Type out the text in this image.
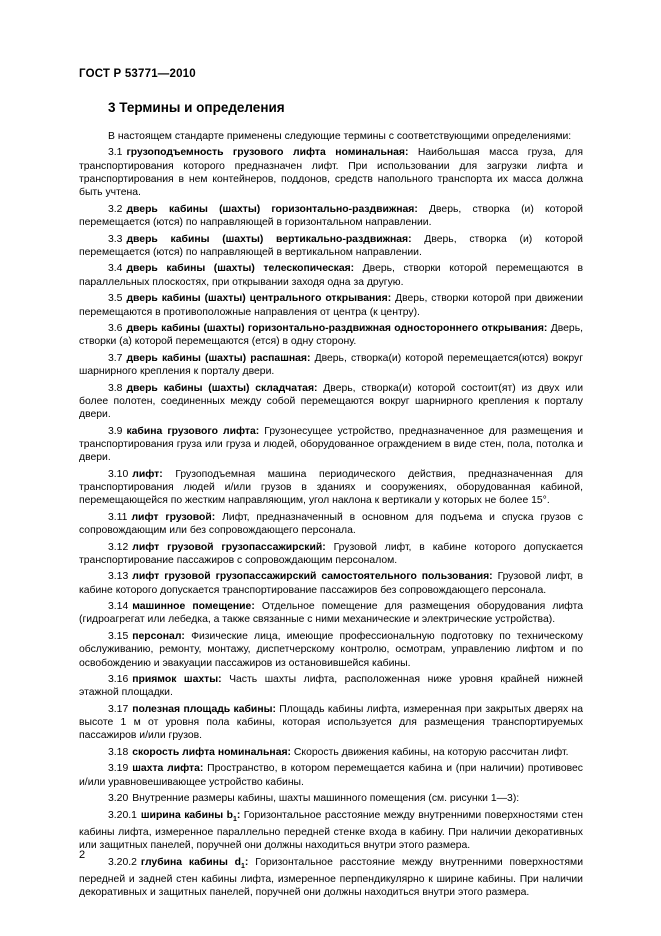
ГОСТ Р 53771—2010
3 Термины и определения

В настоящем стандарте применены следующие термины с соответствующими определениями:

3.1 грузоподъемность грузового лифта номинальная: Наибольшая масса груза, для транспортирования которого предназначен лифт. При использовании для загрузки лифта и транспортирования в нем контейнеров, поддонов, средств напольного транспорта их масса должна быть учтена.

3.2 дверь кабины (шахты) горизонтально-раздвижная: Дверь, створка (и) которой перемещается (ются) по направляющей в горизонтальном направлении.

3.3 дверь кабины (шахты) вертикально-раздвижная: Дверь, створка (и) которой перемещается (ются) по направляющей в вертикальном направлении.

3.4 дверь кабины (шахты) телескопическая: Дверь, створки которой перемещаются в параллельных плоскостях, при открывании заходя одна за другую.

3.5 дверь кабины (шахты) центрального открывания: Дверь, створки которой при движении перемещаются в противоположные направления от центра (к центру).

3.6 дверь кабины (шахты) горизонтально-раздвижная одностороннего открывания: Дверь, створки (а) которой перемещаются (ется) в одну сторону.

3.7 дверь кабины (шахты) распашная: Дверь, створка(и) которой перемещается(ются) вокруг шарнирного крепления к порталу двери.

3.8 дверь кабины (шахты) складчатая: Дверь, створка(и) которой состоит(ят) из двух или более полотен, соединенных между собой перемещаются вокруг шарнирного крепления к порталу двери.

3.9 кабина грузового лифта: Грузонесущее устройство, предназначенное для размещения и транспортирования груза или груза и людей, оборудованное ограждением в виде стен, пола, потолка и двери.

3.10 лифт: Грузоподъемная машина периодического действия, предназначенная для транспортирования людей и/или грузов в зданиях и сооружениях, оборудованная кабиной, перемещающейся по жестким направляющим, угол наклона к вертикали у которых не более 15°.

3.11 лифт грузовой: Лифт, предназначенный в основном для подъема и спуска грузов с сопровождающим или без сопровождающего персонала.

3.12 лифт грузовой грузопассажирский: Грузовой лифт, в кабине которого допускается транспортирование пассажиров с сопровождающим персоналом.

3.13 лифт грузовой грузопассажирский самостоятельного пользования: Грузовой лифт, в кабине которого допускается транспортирование пассажиров без сопровождающего персонала.

3.14 машинное помещение: Отдельное помещение для размещения оборудования лифта (гидроагрегат или лебедка, а также связанные с ними механические и электрические устройства).

3.15 персонал: Физические лица, имеющие профессиональную подготовку по техническому обслуживанию, ремонту, монтажу, диспетчерскому контролю, осмотрам, управлению лифтом и по освобождению и эвакуации пассажиров из остановившейся кабины.

3.16 приямок шахты: Часть шахты лифта, расположенная ниже уровня крайней нижней этажной площадки.

3.17 полезная площадь кабины: Площадь кабины лифта, измеренная при закрытых дверях на высоте 1 м от уровня пола кабины, которая используется для размещения транспортируемых пассажиров и/или грузов.

3.18 скорость лифта номинальная: Скорость движения кабины, на которую рассчитан лифт.

3.19 шахта лифта: Пространство, в котором перемещается кабина и (при наличии) противовес и/или уравновешивающее устройство кабины.

3.20 Внутренние размеры кабины, шахты машинного помещения (см. рисунки 1—3):

3.20.1 ширина кабины $b_1$: Горизонтальное расстояние между внутренними поверхностями стен кабины лифта, измеренное параллельно передней стенке входа в кабину. При наличии декоративных или защитных панелей, поручней они должны находиться внутри этого размера.

3.20.2 глубина кабины $d_1$: Горизонтальное расстояние между внутренними поверхностями передней и задней стен кабины лифта, измеренное перпендикулярно к ширине кабины. При наличии декоративных и защитных панелей, поручней они должны находиться внутри этого размера.

2
